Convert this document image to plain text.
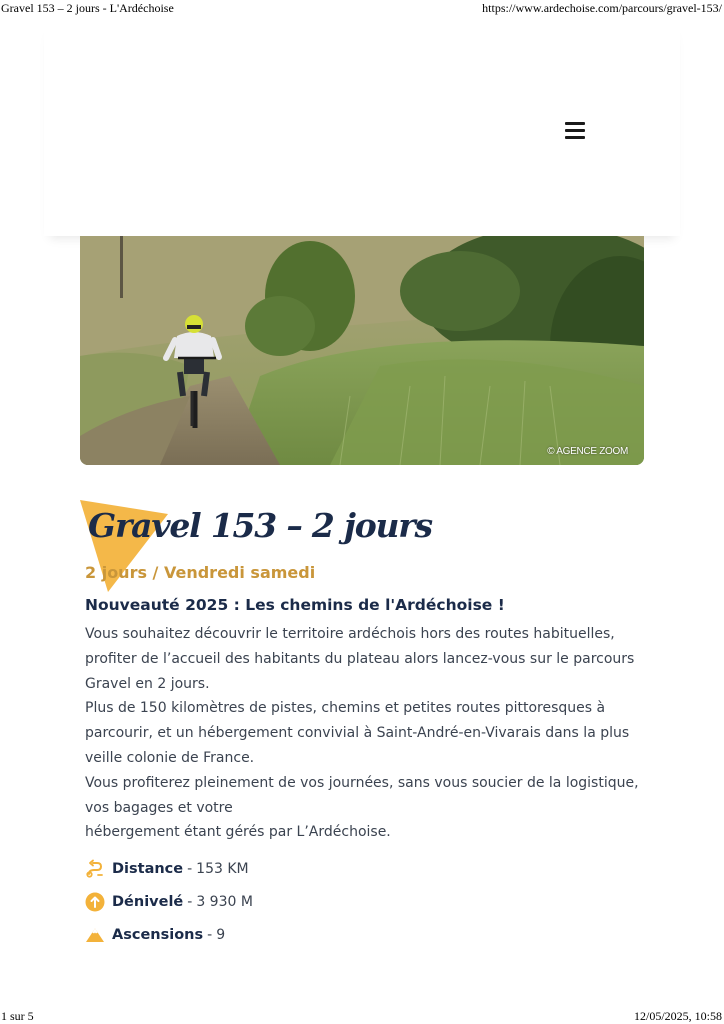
Gravel 153 – 2 jours - L'Ardéchoise	https://www.ardechoise.com/parcours/gravel-153/
© AGENCE ZOOM
Gravel 153 – 2 jours
2 jours / Vendredi samedi
Nouveauté 2025 : Les chemins de l'Ardéchoise !

Vous souhaitez découvrir le territoire ardéchois hors des routes habituelles,

profiter de l’accueil des habitants du plateau alors lancez-vous sur le parcours

Gravel en 2 jours.

Plus de 150 kilomètres de pistes, chemins et petites routes pittoresques à

parcourir, et un hébergement convivial à Saint-André-en-Vivarais dans la plus

veille colonie de France.

Vous profiterez pleinement de vos journées, sans vous soucier de la logistique,

vos bagages et votre

hébergement étant gérés par L’Ardéchoise.

Distance - 153 KM
Dénivelé - 3 930 M
Ascensions - 9
1 sur 5	12/05/2025, 10:58
